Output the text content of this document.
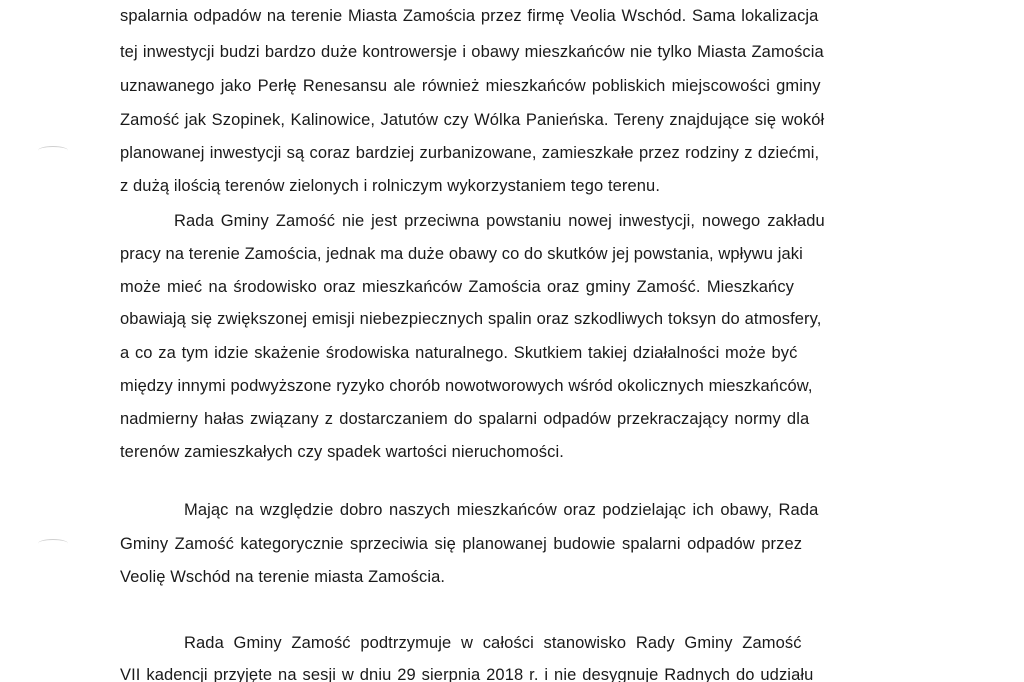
spalarnia odpadów na terenie Miasta Zamościa przez firmę Veolia Wschód. Sama lokalizacja
tej inwestycji budzi bardzo duże kontrowersje i obawy mieszkańców nie tylko Miasta Zamościa
uznawanego jako Perłę Renesansu ale również mieszkańców pobliskich miejscowości gminy
Zamość jak Szopinek, Kalinowice, Jatutów czy Wólka Panieńska. Tereny znajdujące się wokół
planowanej inwestycji są coraz bardziej zurbanizowane, zamieszkałe przez rodziny z dziećmi,
z dużą ilością terenów zielonych i rolniczym wykorzystaniem tego terenu.
Rada Gminy Zamość nie jest przeciwna powstaniu nowej inwestycji, nowego zakładu
pracy na terenie Zamościa, jednak ma duże obawy co do skutków jej powstania, wpływu jaki
może mieć na środowisko oraz mieszkańców Zamościa oraz gminy Zamość. Mieszkańcy
obawiają się zwiększonej emisji niebezpiecznych spalin oraz szkodliwych toksyn do atmosfery,
a co za tym idzie skażenie środowiska naturalnego. Skutkiem takiej działalności może być
między innymi podwyższone ryzyko chorób nowotworowych wśród okolicznych mieszkańców,
nadmierny hałas związany z dostarczaniem do spalarni odpadów przekraczający normy dla
terenów zamieszkałych czy spadek wartości nieruchomości.
Mając na względzie dobro naszych mieszkańców oraz podzielając ich obawy, Rada
Gminy Zamość kategorycznie sprzeciwia się planowanej budowie spalarni odpadów przez
Veolię Wschód na terenie miasta Zamościa.
Rada Gminy Zamość podtrzymuje w całości stanowisko Rady Gminy Zamość
VII kadencji przyjęte na sesji w dniu 29 sierpnia 2018 r. i nie desygnuje Radnych do udziału
